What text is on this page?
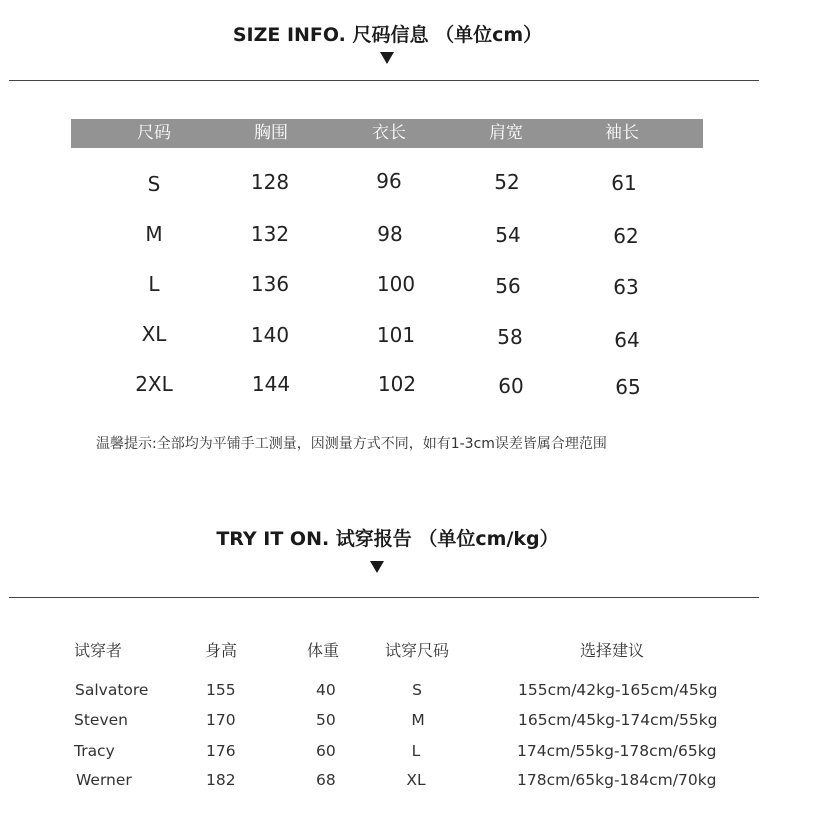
SIZE INFO. 尺码信息 （单位cm）
尺码	胸围	衣长	肩宽	袖长
S	128	96	52	61
M	132	98	54	62
L	136	100	56	63
XL	140	101	58	64
2XL	144	102	60	65
温馨提示:全部均为平铺手工测量，因测量方式不同，如有1-3cm误差皆属合理范围
TRY IT ON. 试穿报告 （单位cm/kg）
试穿者	身高	体重	试穿尺码	选择建议
Salvatore	155	40	S	155cm/42kg-165cm/45kg
Steven	170	50	M	165cm/45kg-174cm/55kg
Tracy	176	60	L	174cm/55kg-178cm/65kg
Werner	182	68	XL	178cm/65kg-184cm/70kg
